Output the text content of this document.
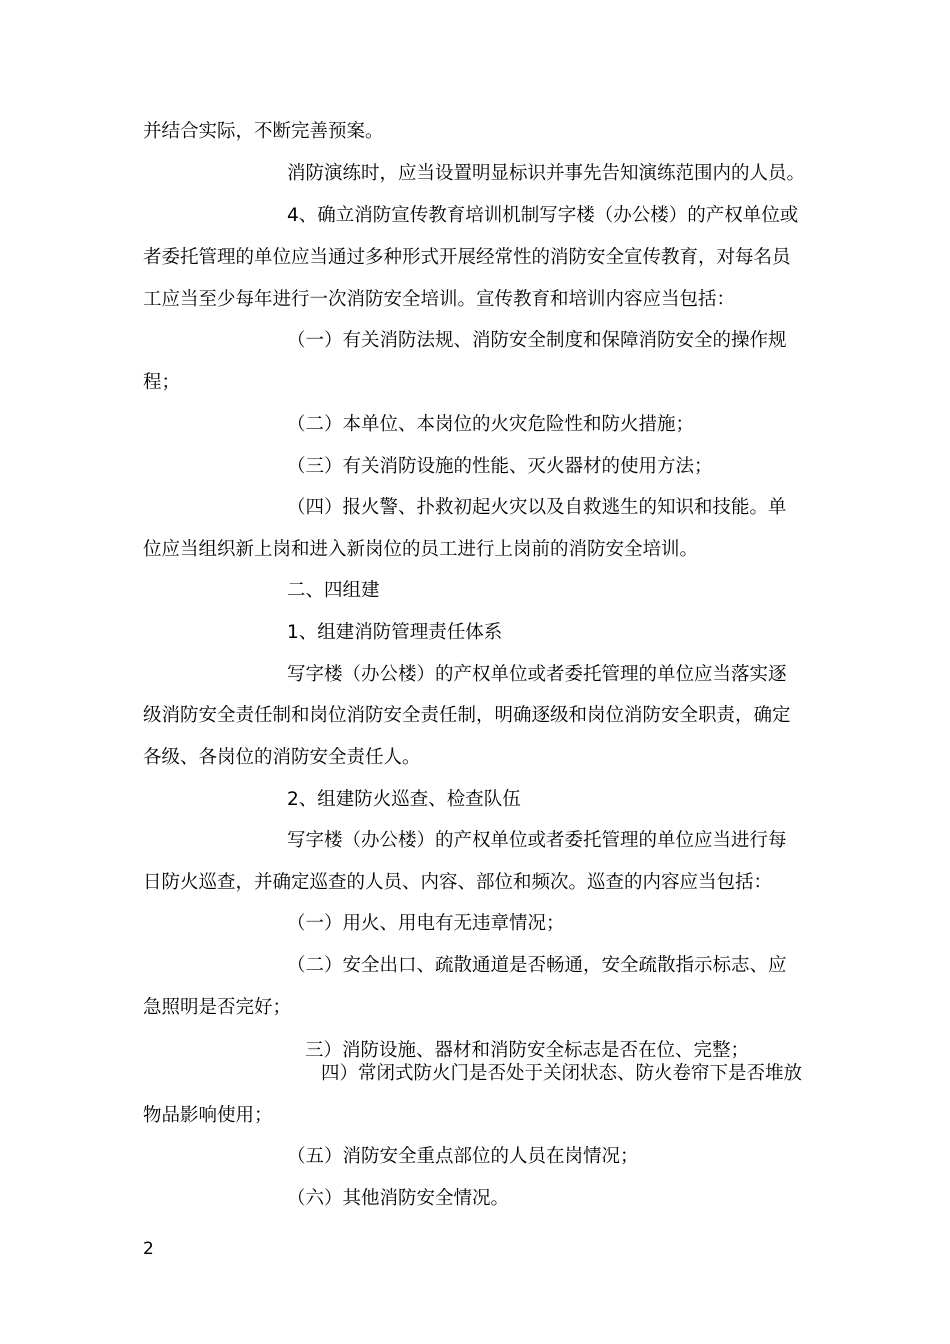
并结合实际，不断完善预案。
消防演练时，应当设置明显标识并事先告知演练范围内的人员。
4、确立消防宣传教育培训机制写字楼（办公楼）的产权单位或
者委托管理的单位应当通过多种形式开展经常性的消防安全宣传教育，对每名员
工应当至少每年进行一次消防安全培训。宣传教育和培训内容应当包括：
（一）有关消防法规、消防安全制度和保障消防安全的操作规
程；
（二）本单位、本岗位的火灾危险性和防火措施；
（三）有关消防设施的性能、灭火器材的使用方法；
（四）报火警、扑救初起火灾以及自救逃生的知识和技能。单
位应当组织新上岗和进入新岗位的员工进行上岗前的消防安全培训。
二、四组建
1、组建消防管理责任体系
写字楼（办公楼）的产权单位或者委托管理的单位应当落实逐
级消防安全责任制和岗位消防安全责任制，明确逐级和岗位消防安全职责，确定
各级、各岗位的消防安全责任人。
2、组建防火巡查、检查队伍
写字楼（办公楼）的产权单位或者委托管理的单位应当进行每
日防火巡查，并确定巡查的人员、内容、部位和频次。巡查的内容应当包括：
（一）用火、用电有无违章情况；
（二）安全出口、疏散通道是否畅通，安全疏散指示标志、应
急照明是否完好；
三）消防设施、器材和消防安全标志是否在位、完整；
四）常闭式防火门是否处于关闭状态、防火卷帘下是否堆放
物品影响使用；
（五）消防安全重点部位的人员在岗情况；
（六）其他消防安全情况。
2
